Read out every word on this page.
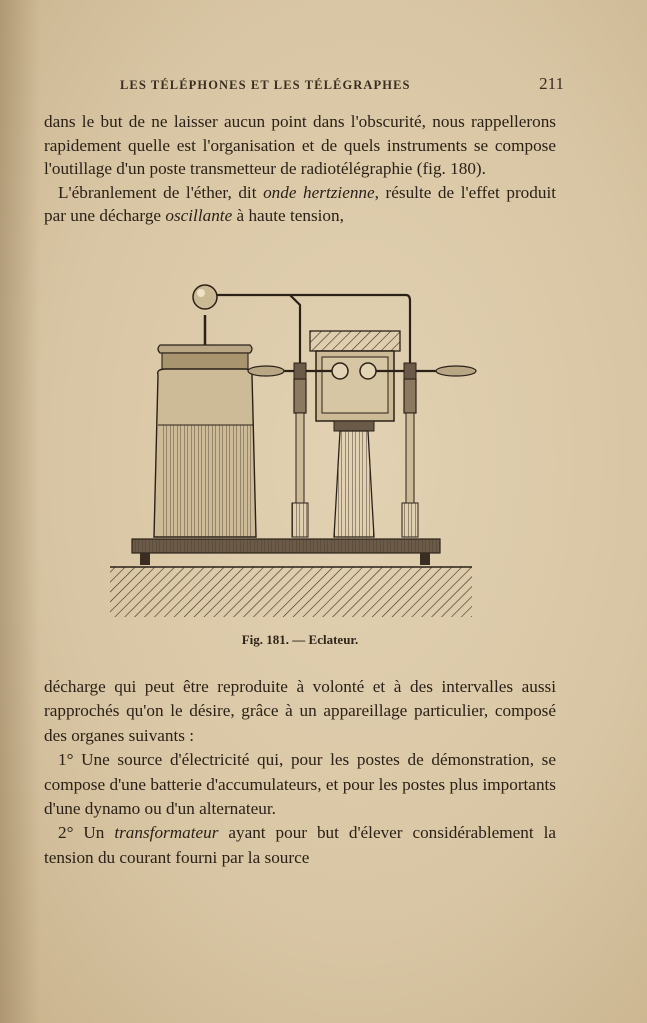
LES TÉLÉPHONES ET LES TÉLÉGRAPHES	211

dans le but de ne laisser aucun point dans l'obscurité, nous rappellerons rapidement quelle est l'organisation et de quels instruments se compose l'outillage d'un poste transmetteur de radiotélégraphie (fig. 180).

L'ébranlement de l'éther, dit onde hertzienne, résulte de l'effet produit par une décharge oscillante à haute tension,

Fig. 181. — Eclateur.

décharge qui peut être reproduite à volonté et à des intervalles aussi rapprochés qu'on le désire, grâce à un appareillage particulier, composé des organes suivants :

1° Une source d'électricité qui, pour les postes de démonstration, se compose d'une batterie d'accumulateurs, et pour les postes plus importants d'une dynamo ou d'un alternateur.

2° Un transformateur ayant pour but d'élever considérablement la tension du courant fourni par la source
